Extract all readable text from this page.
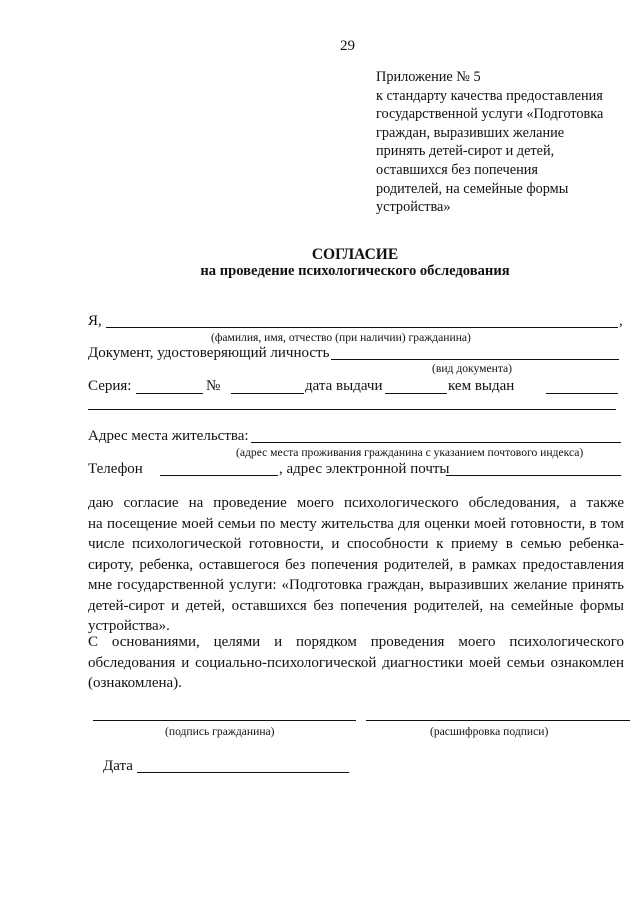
29
Приложение № 5
к стандарту качества предоставления
государственной услуги «Подготовка
граждан, выразивших желание
принять детей-сирот и детей,
оставшихся без попечения
родителей, на семейные формы
устройства»
СОГЛАСИЕ
на проведение психологического обследования
Я,	,
(фамилия, имя, отчество (при наличии) гражданина)
Документ, удостоверяющий личность
(вид документа)
Серия:	№	дата выдачи	кем выдан
Адрес места жительства:
(адрес места проживания гражданина с указанием почтового индекса)
Телефон	, адрес электронной почты
даю согласие на проведение моего психологического обследования, а также
на посещение моей семьи по месту жительства для оценки моей готовности, в том
числе психологической готовности, и способности к приему в семью ребенка-
сироту, ребенка, оставшегося без попечения родителей, в рамках предоставления
мне государственной услуги: «Подготовка граждан, выразивших желание принять
детей-сирот и детей, оставшихся без попечения родителей, на семейные формы
устройства».
С основаниями, целями и порядком проведения моего психологического
обследования и социально-психологической диагностики моей семьи ознакомлен
(ознакомлена).
(подпись гражданина)	(расшифровка подписи)
Дата
